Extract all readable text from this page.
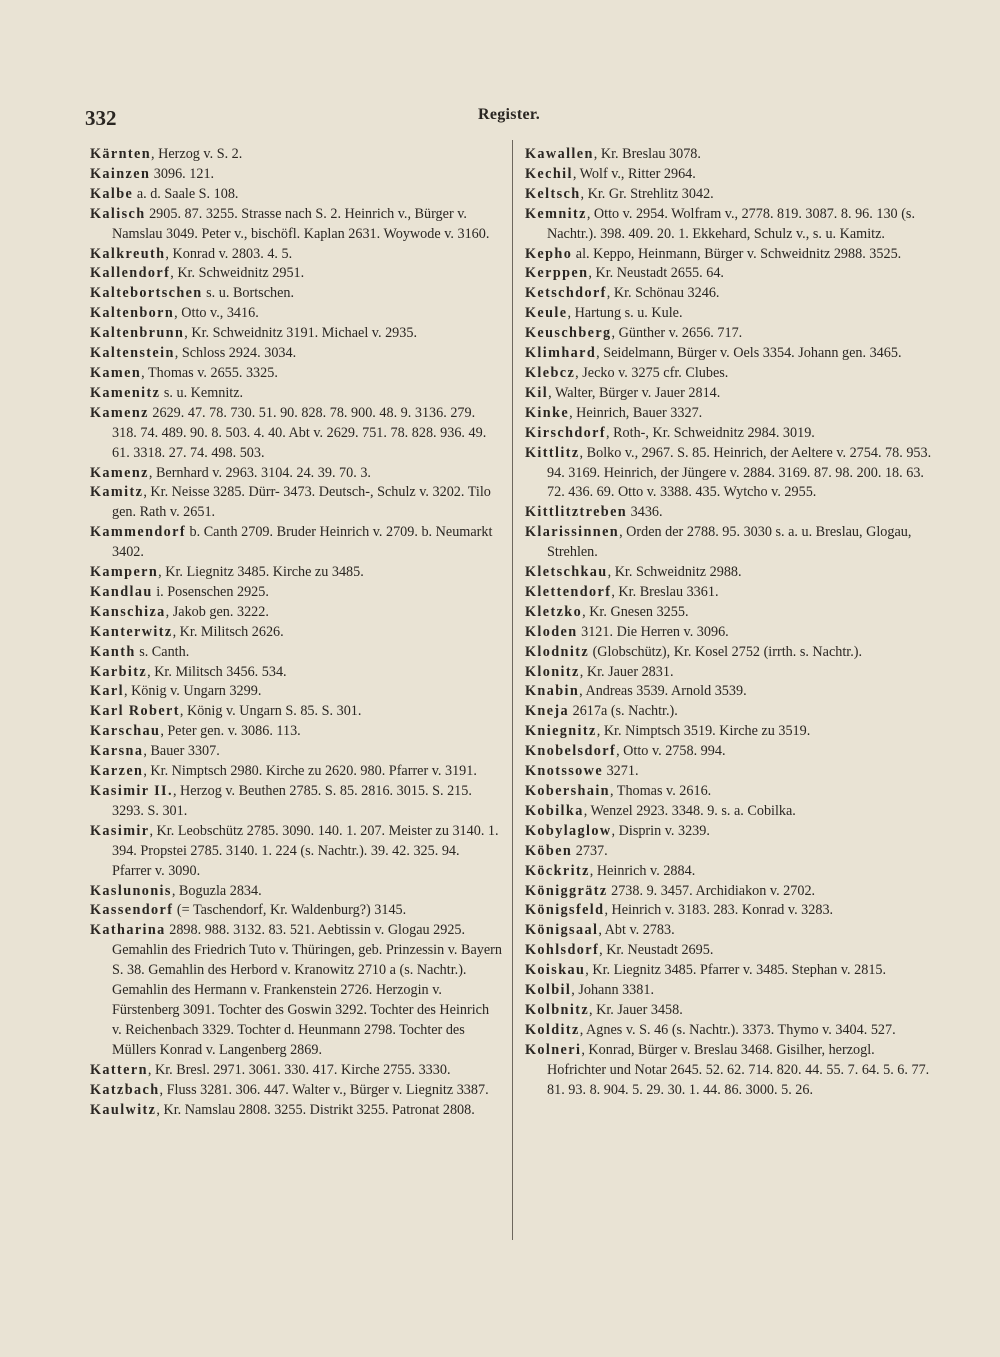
332	Register.
Kärnten, Herzog v. S. 2.
Kainzen 3096. 121.
Kalbe a. d. Saale S. 108.
Kalisch 2905. 87. 3255. Strasse nach S. 2. Heinrich v., Bürger v. Namslau 3049. Peter v., bischöfl. Kaplan 2631. Woywode v. 3160.
Kalkreuth, Konrad v. 2803. 4. 5.
Kallendorf, Kr. Schweidnitz 2951.
Kaltebortschen s. u. Bortschen.
Kaltenborn, Otto v., 3416.
Kaltenbrunn, Kr. Schweidnitz 3191. Michael v. 2935.
Kaltenstein, Schloss 2924. 3034.
Kamen, Thomas v. 2655. 3325.
Kamenitz s. u. Kemnitz.
Kamenz 2629. 47. 78. 730. 51. 90. 828. 78. 900. 48. 9. 3136. 279. 318. 74. 489. 90. 8. 503. 4. 40. Abt v. 2629. 751. 78. 828. 936. 49. 61. 3318. 27. 74. 498. 503.
Kamenz, Bernhard v. 2963. 3104. 24. 39. 70. 3.
Kamitz, Kr. Neisse 3285. Dürr- 3473. Deutsch-, Schulz v. 3202. Tilo gen. Rath v. 2651.
Kammendorf b. Canth 2709. Bruder Heinrich v. 2709. b. Neumarkt 3402.
Kampern, Kr. Liegnitz 3485. Kirche zu 3485.
Kandlau i. Posenschen 2925.
Kanschiza, Jakob gen. 3222.
Kanterwitz, Kr. Militsch 2626.
Kanth s. Canth.
Karbitz, Kr. Militsch 3456. 534.
Karl, König v. Ungarn 3299.
Karl Robert, König v. Ungarn S. 85. S. 301.
Karschau, Peter gen. v. 3086. 113.
Karsna, Bauer 3307.
Karzen, Kr. Nimptsch 2980. Kirche zu 2620. 980. Pfarrer v. 3191.
Kasimir II., Herzog v. Beuthen 2785. S. 85. 2816. 3015. S. 215. 3293. S. 301.
Kasimir, Kr. Leobschütz 2785. 3090. 140. 1. 207. Meister zu 3140. 1. 394. Propstei 2785. 3140. 1. 224 (s. Nachtr.). 39. 42. 325. 94. Pfarrer v. 3090.
Kaslunonis, Boguzla 2834.
Kassendorf (= Taschendorf, Kr. Waldenburg?) 3145.
Katharina 2898. 988. 3132. 83. 521. Aebtissin v. Glogau 2925. Gemahlin des Friedrich Tuto v. Thüringen, geb. Prinzessin v. Bayern S. 38. Gemahlin des Herbord v. Kranowitz 2710 a (s. Nachtr.). Gemahlin des Hermann v. Frankenstein 2726. Herzogin v. Fürstenberg 3091. Tochter des Goswin 3292. Tochter des Heinrich v. Reichenbach 3329. Tochter d. Heunmann 2798. Tochter des Müllers Konrad v. Langenberg 2869.
Kattern, Kr. Bresl. 2971. 3061. 330. 417. Kirche 2755. 3330.
Katzbach, Fluss 3281. 306. 447. Walter v., Bürger v. Liegnitz 3387.
Kaulwitz, Kr. Namslau 2808. 3255. Distrikt 3255. Patronat 2808.
Kawallen, Kr. Breslau 3078.
Kechil, Wolf v., Ritter 2964.
Keltsch, Kr. Gr. Strehlitz 3042.
Kemnitz, Otto v. 2954. Wolfram v., 2778. 819. 3087. 8. 96. 130 (s. Nachtr.). 398. 409. 20. 1. Ekkehard, Schulz v., s. u. Kamitz.
Kepho al. Keppo, Heinmann, Bürger v. Schweidnitz 2988. 3525.
Kerppen, Kr. Neustadt 2655. 64.
Ketschdorf, Kr. Schönau 3246.
Keule, Hartung s. u. Kule.
Keuschberg, Günther v. 2656. 717.
Klimhard, Seidelmann, Bürger v. Oels 3354. Johann gen. 3465.
Klebcz, Jecko v. 3275 cfr. Clubes.
Kil, Walter, Bürger v. Jauer 2814.
Kinke, Heinrich, Bauer 3327.
Kirschdorf, Roth-, Kr. Schweidnitz 2984. 3019.
Kittlitz, Bolko v., 2967. S. 85. Heinrich, der Aeltere v. 2754. 78. 953. 94. 3169. Heinrich, der Jüngere v. 2884. 3169. 87. 98. 200. 18. 63. 72. 436. 69. Otto v. 3388. 435. Wytcho v. 2955.
Kittlitztreben 3436.
Klarissinnen, Orden der 2788. 95. 3030 s. a. u. Breslau, Glogau, Strehlen.
Kletschkau, Kr. Schweidnitz 2988.
Klettendorf, Kr. Breslau 3361.
Kletzko, Kr. Gnesen 3255.
Kloden 3121. Die Herren v. 3096.
Klodnitz (Globschütz), Kr. Kosel 2752 (irrth. s. Nachtr.).
Klonitz, Kr. Jauer 2831.
Knabin, Andreas 3539. Arnold 3539.
Kneja 2617a (s. Nachtr.).
Kniegnitz, Kr. Nimptsch 3519. Kirche zu 3519.
Knobelsdorf, Otto v. 2758. 994.
Knotssowe 3271.
Kobershain, Thomas v. 2616.
Kobilka, Wenzel 2923. 3348. 9. s. a. Cobilka.
Kobylaglow, Disprin v. 3239.
Köben 2737.
Köckritz, Heinrich v. 2884.
Königgrätz 2738. 9. 3457. Archidiakon v. 2702.
Königsfeld, Heinrich v. 3183. 283. Konrad v. 3283.
Königsaal, Abt v. 2783.
Kohlsdorf, Kr. Neustadt 2695.
Koiskau, Kr. Liegnitz 3485. Pfarrer v. 3485. Stephan v. 2815.
Kolbil, Johann 3381.
Kolbnitz, Kr. Jauer 3458.
Kolditz, Agnes v. S. 46 (s. Nachtr.). 3373. Thymo v. 3404. 527.
Kolneri, Konrad, Bürger v. Breslau 3468. Gisilher, herzogl. Hofrichter und Notar 2645. 52. 62. 714. 820. 44. 55. 7. 64. 5. 6. 77. 81. 93. 8. 904. 5. 29. 30. 1. 44. 86. 3000. 5. 26.
